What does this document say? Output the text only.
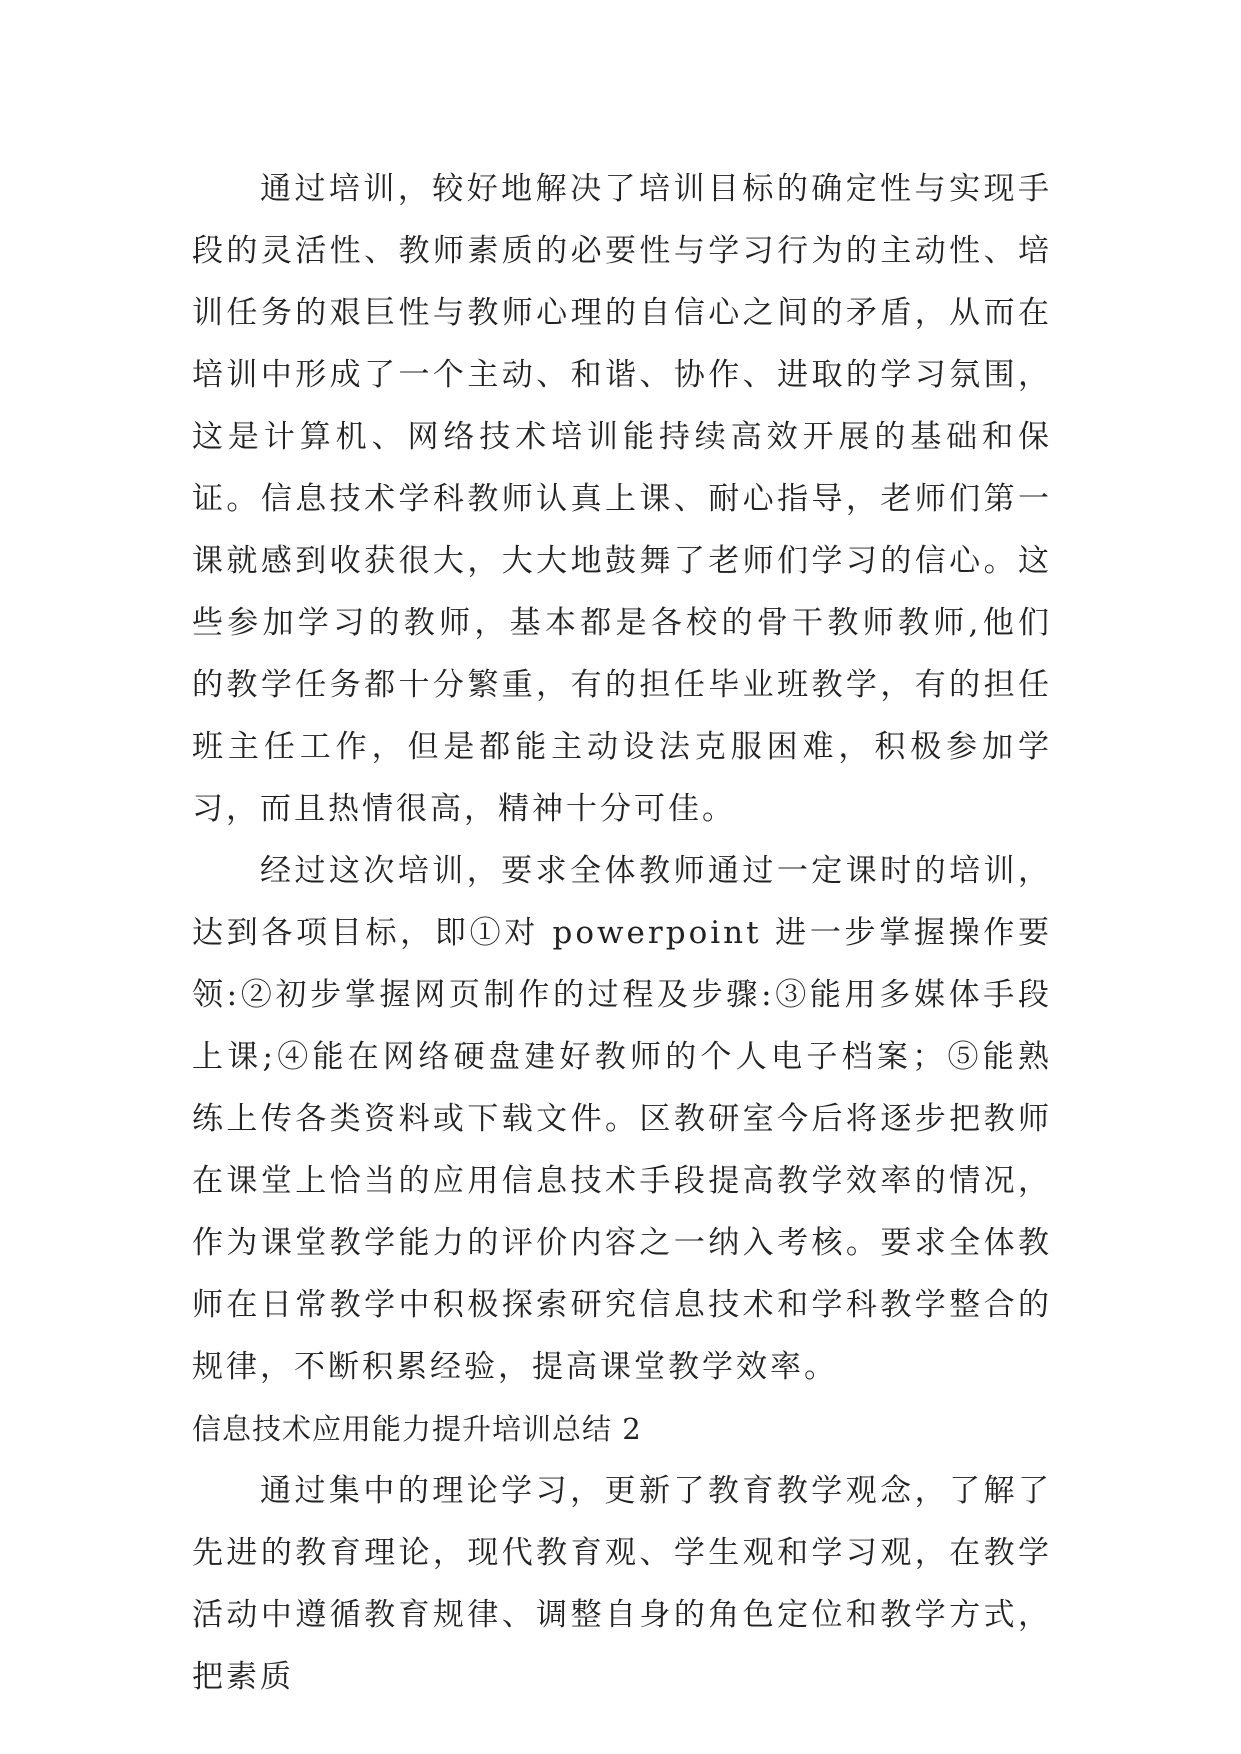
通过培训，较好地解决了培训目标的确定性与实现手段的灵活性、教师素质的必要性与学习行为的主动性、培训任务的艰巨性与教师心理的自信心之间的矛盾，从而在培训中形成了一个主动、和谐、协作、进取的学习氛围，这是计算机、网络技术培训能持续高效开展的基础和保证。信息技术学科教师认真上课、耐心指导，老师们第一课就感到收获很大，大大地鼓舞了老师们学习的信心。这些参加学习的教师，基本都是各校的骨干教师教师,他们的教学任务都十分繁重，有的担任毕业班教学，有的担任班主任工作，但是都能主动设法克服困难，积极参加学习，而且热情很高，精神十分可佳。

经过这次培训，要求全体教师通过一定课时的培训，达到各项目标，即①对 powerpoint 进一步掌握操作要领:②初步掌握网页制作的过程及步骤:③能用多媒体手段上课;④能在网络硬盘建好教师的个人电子档案；⑤能熟练上传各类资料或下载文件。区教研室今后将逐步把教师在课堂上恰当的应用信息技术手段提高教学效率的情况，作为课堂教学能力的评价内容之一纳入考核。要求全体教师在日常教学中积极探索研究信息技术和学科教学整合的规律，不断积累经验，提高课堂教学效率。

信息技术应用能力提升培训总结 2

通过集中的理论学习，更新了教育教学观念，了解了先进的教育理论，现代教育观、学生观和学习观，在教学活动中遵循教育规律、调整自身的角色定位和教学方式，把素质
